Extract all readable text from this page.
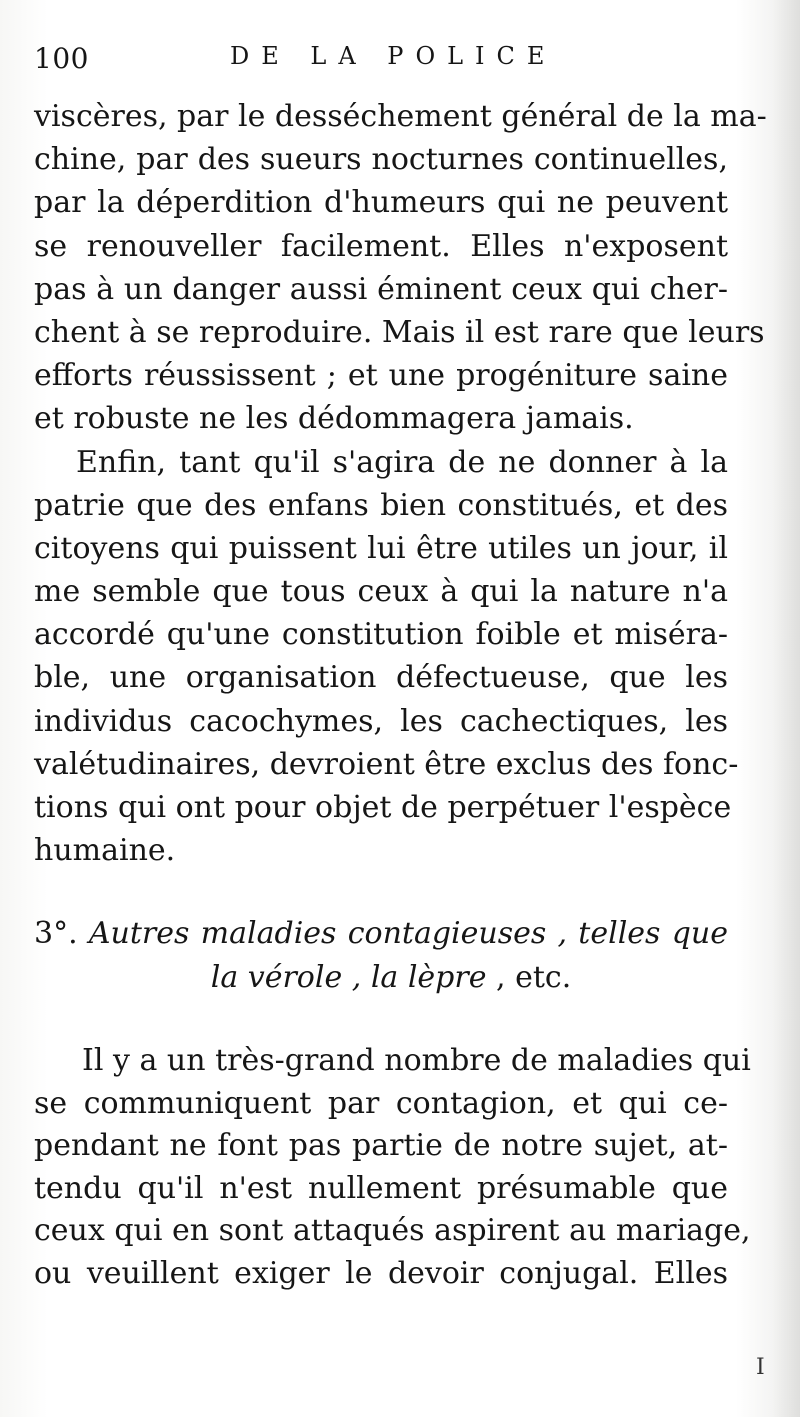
100	DE LA POLICE

viscères, par le desséchement général de la ma-
chine, par des sueurs nocturnes continuelles,
par la déperdition d'humeurs qui ne peuvent
se renouveller facilement. Elles n'exposent
pas à un danger aussi éminent ceux qui cher-
chent à se reproduire. Mais il est rare que leurs
efforts réussissent ; et une progéniture saine
et robuste ne les dédommagera jamais.

Enfin, tant qu'il s'agira de ne donner à la
patrie que des enfans bien constitués, et des
citoyens qui puissent lui être utiles un jour, il
me semble que tous ceux à qui la nature n'a
accordé qu'une constitution foible et miséra-
ble, une organisation défectueuse, que les
individus cacochymes, les cachectiques, les
valétudinaires, devroient être exclus des fonc-
tions qui ont pour objet de perpétuer l'espèce
humaine.

3°. Autres maladies contagieuses , telles que
la vérole , la lèpre , etc.
Il y a un très-grand nombre de maladies qui
se communiquent par contagion, et qui ce-
pendant ne font pas partie de notre sujet, at-
tendu qu'il n'est nullement présumable que
ceux qui en sont attaqués aspirent au mariage,
ou veuillent exiger le devoir conjugal. Elles
I
